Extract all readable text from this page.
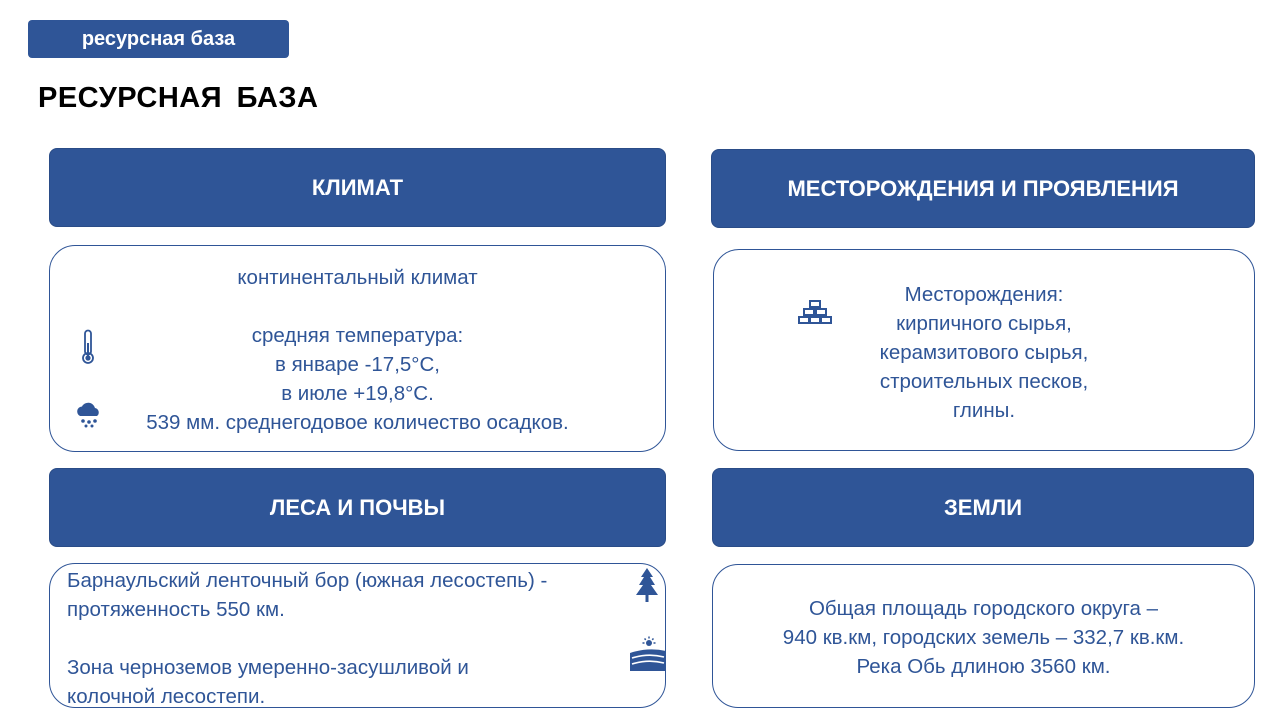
ресурсная база
РЕСУРСНАЯ БАЗА
КЛИМАТ
континентальный климат
средняя температура:
в январе -17,5°С,
в июле +19,8°С.
539 мм. среднегодовое количество осадков.
МЕСТОРОЖДЕНИЯ И ПРОЯВЛЕНИЯ
Месторождения:
кирпичного сырья,
керамзитового сырья,
строительных песков,
глины.
ЛЕСА И ПОЧВЫ
Барнаульский ленточный бор (южная лесостепь) -
протяженность 550 км.
Зона черноземов умеренно-засушливой и
колочной лесостепи.
ЗЕМЛИ
Общая площадь городского округа –
940 кв.км, городских земель – 332,7 кв.км.
Река Обь длиною 3560 км.
